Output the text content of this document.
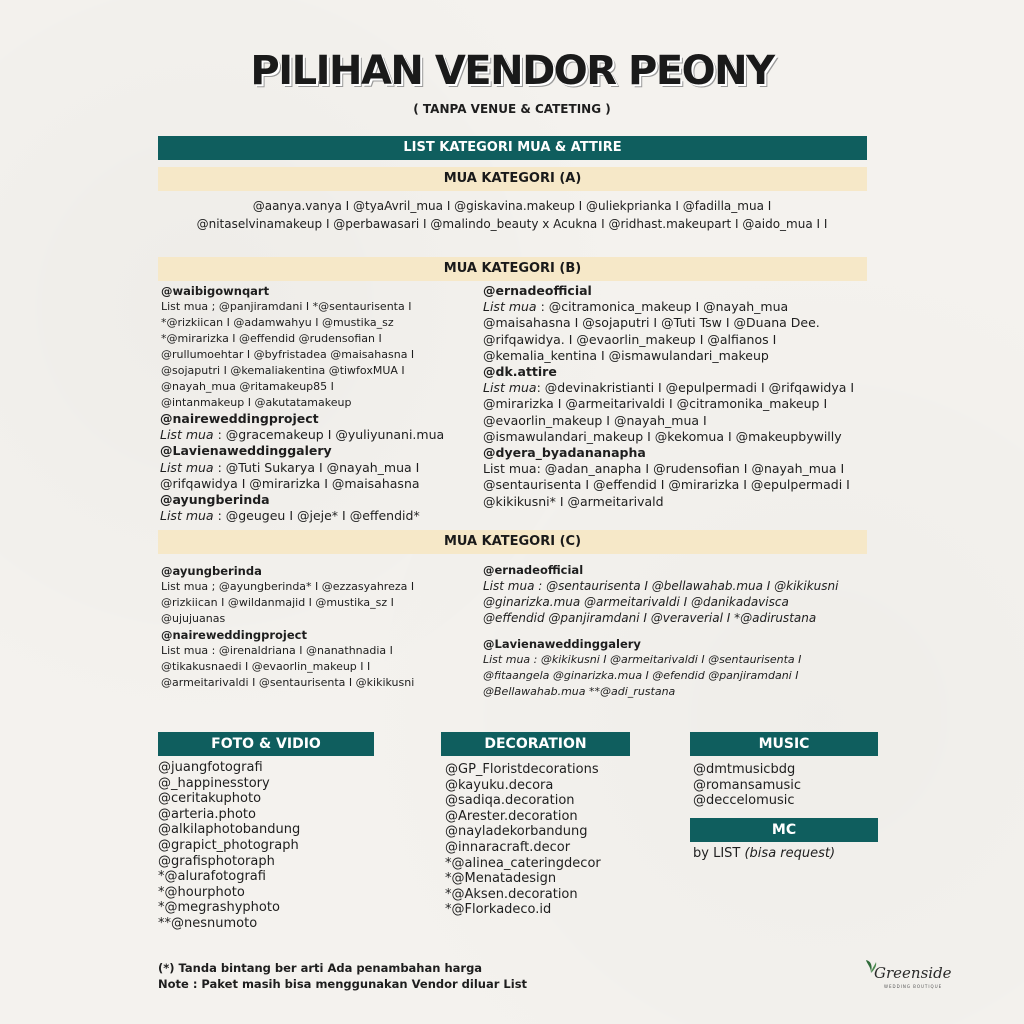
PILIHAN VENDOR PEONY
( TANPA VENUE & CATETING )
LIST KATEGORI MUA & ATTIRE
MUA KATEGORI (A)
@aanya.vanya I @tyaAvril_mua I @giskavina.makeup I @uliekprianka I @fadilla_mua I
@nitaselvinamakeup I @perbawasari I @malindo_beauty x Acukna I @ridhast.makeupart I @aido_mua I I
MUA KATEGORI (B)
@waibigownqart
List mua ; @panjiramdani I *@sentaurisenta I
*@rizkiican I @adamwahyu I @mustika_sz
*@mirarizka I @effendid @rudensofian I
@rullumoehtar I @byfristadea @maisahasna I
@sojaputri I @kemaliakentina @tiwfoxMUA I
@nayah_mua @ritamakeup85 I
@intanmakeup I @akutatamakeup
@naireweddingproject
List mua : @gracemakeup I @yuliyunani.mua
@Lavienaweddinggalery
List mua : @Tuti Sukarya I @nayah_mua I
@rifqawidya I @mirarizka I @maisahasna
@ayungberinda
List mua : @geugeu I @jeje* I @effendid*
@ernadeofficial
List mua : @citramonica_makeup I @nayah_mua
@maisahasna I @sojaputri I @Tuti Tsw I @Duana Dee.
@rifqawidya. I @evaorlin_makeup I @alfianos I
@kemalia_kentina I @ismawulandari_makeup
@dk.attire
List mua: @devinakristianti I @epulpermadi I @rifqawidya I
@mirarizka I @armeitarivaldi I @citramonika_makeup I
@evaorlin_makeup I @nayah_mua I
@ismawulandari_makeup I @kekomua I @makeupbywilly
@dyera_byadananapha
List mua: @adan_anapha I @rudensofian I @nayah_mua I
@sentaurisenta I @effendid I @mirarizka I @epulpermadi I
@kikikusni* I @armeitarivald
MUA KATEGORI (C)
@ayungberinda
List mua ; @ayungberinda* I @ezzasyahreza I
@rizkiican I @wildanmajid I @mustika_sz I
@ujujuanas
@naireweddingproject
List mua : @irenaldriana I @nanathnadia I
@tikakusnaedi I @evaorlin_makeup I I
@armeitarivaldi I @sentaurisenta I @kikikusni
@ernadeofficial
List mua : @sentaurisenta I @bellawahab.mua I @kikikusni
@ginarizka.mua @armeitarivaldi I @danikadavisca
@effendid @panjiramdani I @veraverial I *@adirustana
@Lavienaweddinggalery
List mua : @kikikusni I @armeitarivaldi I @sentaurisenta I
@fitaangela @ginarizka.mua I @efendid @panjiramdani I
@Bellawahab.mua **@adi_rustana
FOTO & VIDIO
@juangfotografi
@_happinesstory
@ceritakuphoto
@arteria.photo
@alkilaphotobandung
@grapict_photograph
@grafisphotoraph
*@alurafotografi
*@hourphoto
*@megrashyphoto
**@nesnumoto
DECORATION
@GP_Floristdecorations
@kayuku.decora
@sadiqa.decoration
@Arester.decoration
@nayladekorbandung
@innaracraft.decor
*@alinea_cateringdecor
*@Menatadesign
*@Aksen.decoration
*@Florkadeco.id
MUSIC
@dmtmusicbdg
@romansamusic
@deccelomusic
MC
by LIST (bisa request)
(*) Tanda bintang ber arti Ada penambahan harga
Note : Paket masih bisa menggunakan Vendor diluar List
Greenside
WEDDING BOUTIQUE
